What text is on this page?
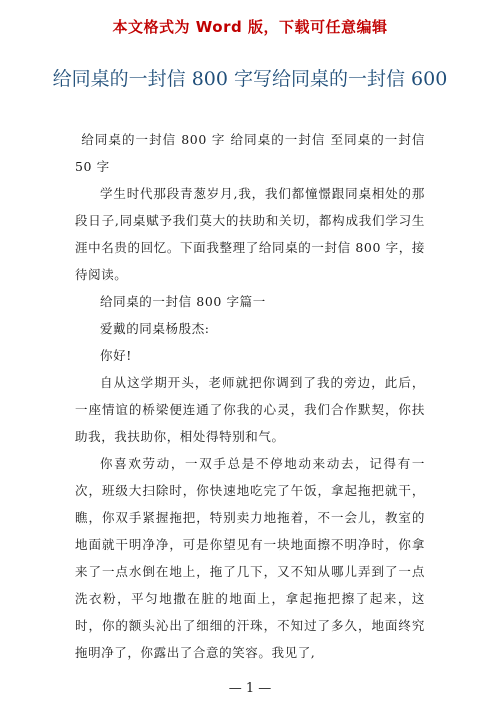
本文格式为 Word 版，下载可任意编辑
给同桌的一封信 800 字写给同桌的一封信 600

给同桌的一封信 800 字 给同桌的一封信 至同桌的一封信 50 字

学生时代那段青葱岁月,我，我们都憧憬跟同桌相处的那段日子,同桌赋予我们莫大的扶助和关切，都构成我们学习生涯中名贵的回忆。下面我整理了给同桌的一封信 800 字，接待阅读。

给同桌的一封信 800 字篇一

爱戴的同桌杨殷杰:

你好!

自从这学期开头，老师就把你调到了我的旁边，此后，一座情谊的桥梁便连通了你我的心灵，我们合作默契，你扶助我，我扶助你，相处得特别和气。

你喜欢劳动，一双手总是不停地动来动去，记得有一次，班级大扫除时，你快速地吃完了午饭，拿起拖把就干，瞧，你双手紧握拖把，特别卖力地拖着，不一会儿，教室的地面就干明净净，可是你望见有一块地面擦不明净时，你拿来了一点水倒在地上，拖了几下，又不知从哪儿弄到了一点洗衣粉，平匀地撒在脏的地面上，拿起拖把擦了起来，这时，你的额头沁出了细细的汗珠，不知过了多久，地面终究拖明净了，你露出了合意的笑容。我见了,

— 1 —
